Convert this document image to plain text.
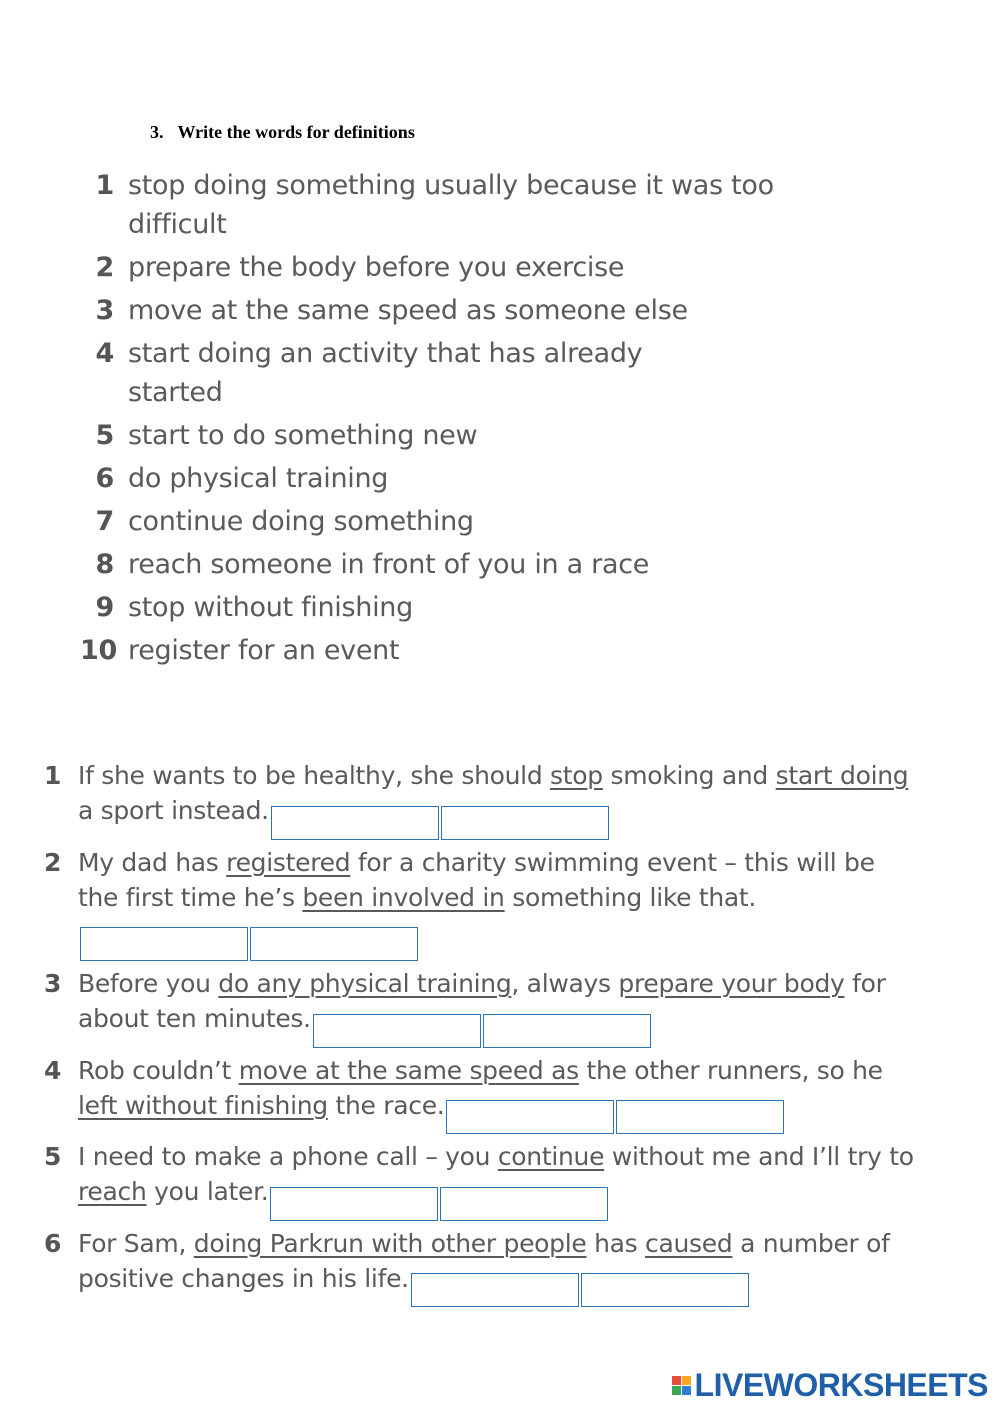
3. Write the words for definitions
1 stop doing something usually because it was too difficult
2 prepare the body before you exercise
3 move at the same speed as someone else
4 start doing an activity that has already started
5 start to do something new
6 do physical training
7 continue doing something
8 reach someone in front of you in a race
9 stop without finishing
10 register for an event
1 If she wants to be healthy, she should stop smoking and start doing a sport instead.
2 My dad has registered for a charity swimming event – this will be the first time he’s been involved in something like that.
3 Before you do any physical training, always prepare your body for about ten minutes.
4 Rob couldn’t move at the same speed as the other runners, so he left without finishing the race.
5 I need to make a phone call – you continue without me and I’ll try to reach you later.
6 For Sam, doing Parkrun with other people has caused a number of positive changes in his life.
LIVEWORKSHEETS
